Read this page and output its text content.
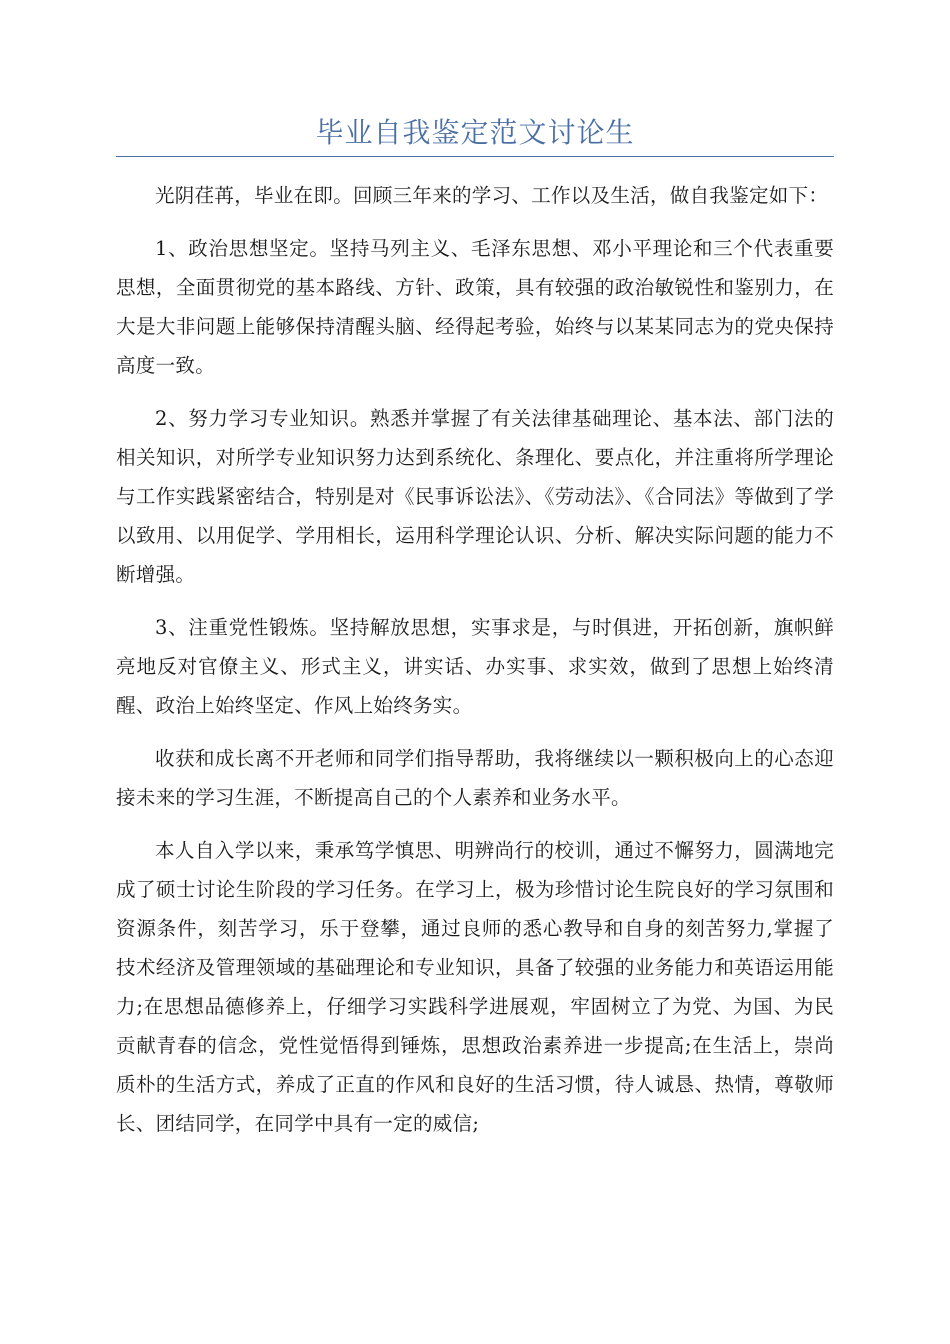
毕业自我鉴定范文讨论生

光阴荏苒，毕业在即。回顾三年来的学习、工作以及生活，做自我鉴定如下：

1、政治思想坚定。坚持马列主义、毛泽东思想、邓小平理论和三个代表重要思想，全面贯彻党的基本路线、方针、政策，具有较强的政治敏锐性和鉴别力，在大是大非问题上能够保持清醒头脑、经得起考验，始终与以某某同志为的党央保持高度一致。

2、努力学习专业知识。熟悉并掌握了有关法律基础理论、基本法、部门法的相关知识，对所学专业知识努力达到系统化、条理化、要点化，并注重将所学理论与工作实践紧密结合，特别是对《民事诉讼法》、《劳动法》、《合同法》等做到了学以致用、以用促学、学用相长，运用科学理论认识、分析、解决实际问题的能力不断增强。

3、注重党性锻炼。坚持解放思想，实事求是，与时俱进，开拓创新，旗帜鲜亮地反对官僚主义、形式主义，讲实话、办实事、求实效，做到了思想上始终清醒、政治上始终坚定、作风上始终务实。

收获和成长离不开老师和同学们指导帮助，我将继续以一颗积极向上的心态迎接未来的学习生涯，不断提高自己的个人素养和业务水平。

本人自入学以来，秉承笃学慎思、明辨尚行的校训，通过不懈努力，圆满地完成了硕士讨论生阶段的学习任务。在学习上，极为珍惜讨论生院良好的学习氛围和资源条件，刻苦学习，乐于登攀，通过良师的悉心教导和自身的刻苦努力,掌握了技术经济及管理领域的基础理论和专业知识，具备了较强的业务能力和英语运用能力;在思想品德修养上，仔细学习实践科学进展观，牢固树立了为党、为国、为民贡献青春的信念，党性觉悟得到锤炼，思想政治素养进一步提高;在生活上，崇尚质朴的生活方式，养成了正直的作风和良好的生活习惯，待人诚恳、热情，尊敬师长、团结同学，在同学中具有一定的威信;
